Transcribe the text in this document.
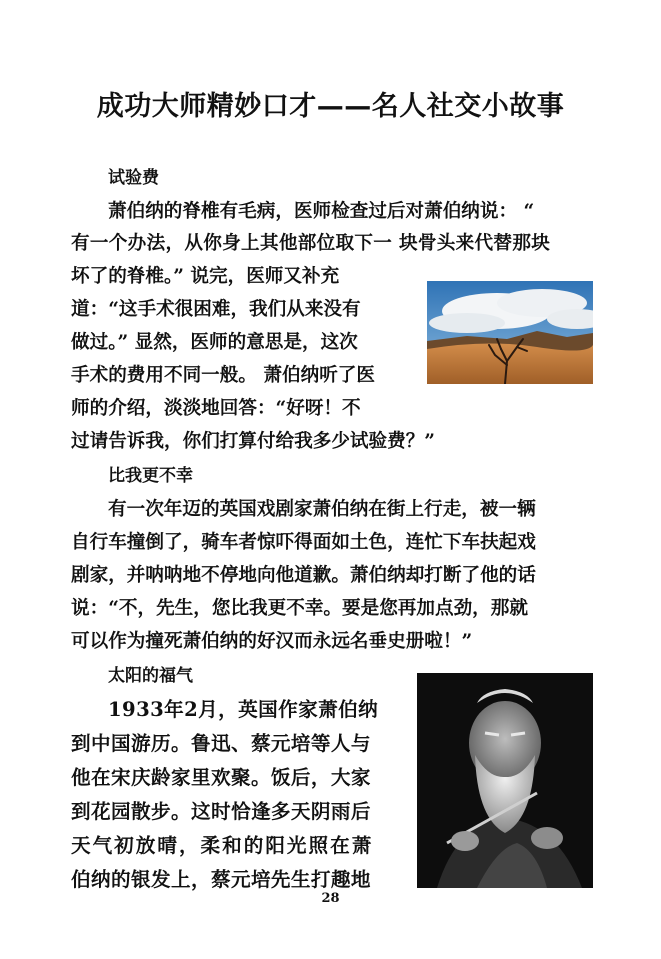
成功大师精妙口才——名人社交小故事
试验费
萧伯纳的脊椎有毛病，医师检查过后对萧伯纳说： “
有一个办法，从你身上其他部位取下一 块骨头来代替那块
坏了的脊椎。” 说完，医师又补充
道：“这手术很困难，我们从来没有
做过。” 显然，医师的意思是，这次
手术的费用不同一般。 萧伯纳听了医
师的介绍，淡淡地回答：“好呀！不
过请告诉我，你们打算付给我多少试验费？”
比我更不幸
有一次年迈的英国戏剧家萧伯纳在街上行走，被一辆
自行车撞倒了，骑车者惊吓得面如土色，连忙下车扶起戏
剧家，并呐呐地不停地向他道歉。萧伯纳却打断了他的话
说：“不，先生，您比我更不幸。要是您再加点劲，那就
可以作为撞死萧伯纳的好汉而永远名垂史册啦！”
太阳的福气
1933年2月，英国作家萧伯纳
到中国游历。鲁迅、蔡元培等人与
他在宋庆龄家里欢聚。饭后，大家
到花园散步。这时恰逢多天阴雨后
天气初放晴，柔和的阳光照在萧
伯纳的银发上，蔡元培先生打趣地
28
